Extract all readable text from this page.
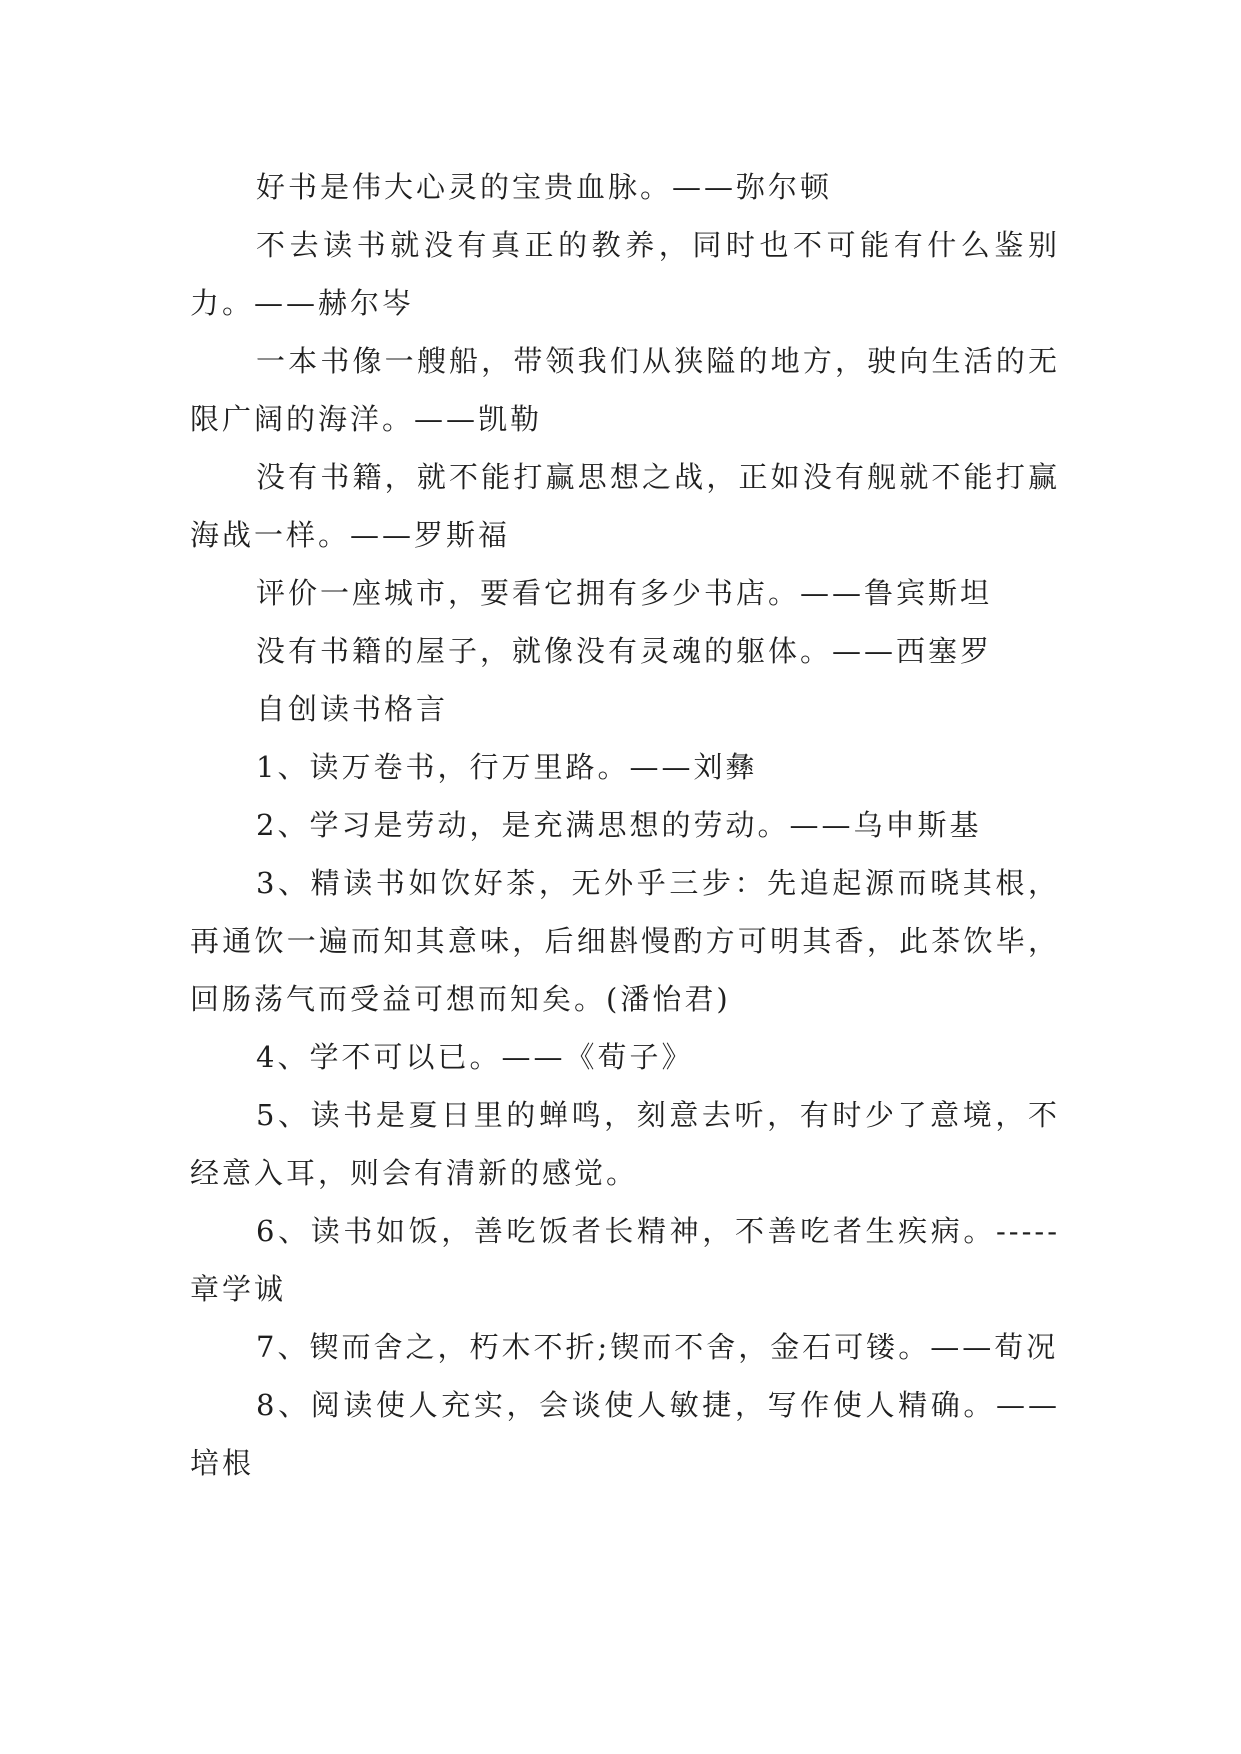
好书是伟大心灵的宝贵血脉。——弥尔顿

不去读书就没有真正的教养，同时也不可能有什么鉴别力。——赫尔岑

一本书像一艘船，带领我们从狭隘的地方，驶向生活的无限广阔的海洋。——凯勒

没有书籍，就不能打赢思想之战，正如没有舰就不能打赢海战一样。——罗斯福

评价一座城市，要看它拥有多少书店。——鲁宾斯坦

没有书籍的屋子，就像没有灵魂的躯体。——西塞罗

自创读书格言

1、读万卷书，行万里路。——刘彝

2、学习是劳动，是充满思想的劳动。——乌申斯基

3、精读书如饮好茶，无外乎三步：先追起源而晓其根，再通饮一遍而知其意味，后细斟慢酌方可明其香，此茶饮毕，回肠荡气而受益可想而知矣。(潘怡君)

4、学不可以已。——《荀子》

5、读书是夏日里的蝉鸣，刻意去听，有时少了意境，不经意入耳，则会有清新的感觉。

6、读书如饭，善吃饭者长精神，不善吃者生疾病。-----章学诚

7、锲而舍之，朽木不折;锲而不舍，金石可镂。——荀况

8、阅读使人充实，会谈使人敏捷，写作使人精确。——培根
